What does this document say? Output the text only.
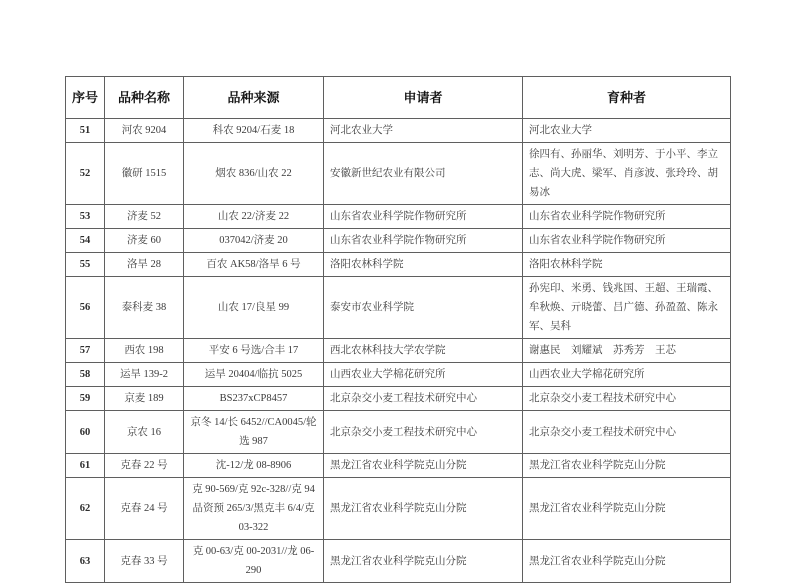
序号	品种名称	品种来源	申请者	育种者
51	河农 9204	科农 9204/石麦 18	河北农业大学	河北农业大学
52	徽研 1515	烟农 836/山农 22	安徽新世纪农业有限公司	徐四有、孙丽华、刘明芳、于小平、李立志、尚大虎、梁军、肖彦波、张玲玲、胡易冰
53	济麦 52	山农 22/济麦 22	山东省农业科学院作物研究所	山东省农业科学院作物研究所
54	济麦 60	037042/济麦 20	山东省农业科学院作物研究所	山东省农业科学院作物研究所
55	洛旱 28	百农 AK58/洛旱 6 号	洛阳农林科学院	洛阳农林科学院
56	泰科麦 38	山农 17/良星 99	泰安市农业科学院	孙宪印、米勇、钱兆国、王超、王瑞霞、牟秋焕、亓晓蕾、吕广德、孙盈盈、陈永军、吴科
57	西农 198	平安 6 号选/合丰 17	西北农林科技大学农学院	谢惠民　刘耀斌　苏秀芳　王芯
58	运旱 139-2	运旱 20404/临抗 5025	山西农业大学棉花研究所	山西农业大学棉花研究所
59	京麦 189	BS237xCP8457	北京杂交小麦工程技术研究中心	北京杂交小麦工程技术研究中心
60	京农 16	京冬 14/长 6452//CA0045/轮选 987	北京杂交小麦工程技术研究中心	北京杂交小麦工程技术研究中心
61	克春 22 号	沈-12/龙 08-8906	黑龙江省农业科学院克山分院	黑龙江省农业科学院克山分院
62	克春 24 号	克 90-569/克 92c-328//克 94 品资预 265/3/黑克丰 6/4/克 03-322	黑龙江省农业科学院克山分院	黑龙江省农业科学院克山分院
63	克春 33 号	克 00-63/克 00-2031//龙 06-290	黑龙江省农业科学院克山分院	黑龙江省农业科学院克山分院
